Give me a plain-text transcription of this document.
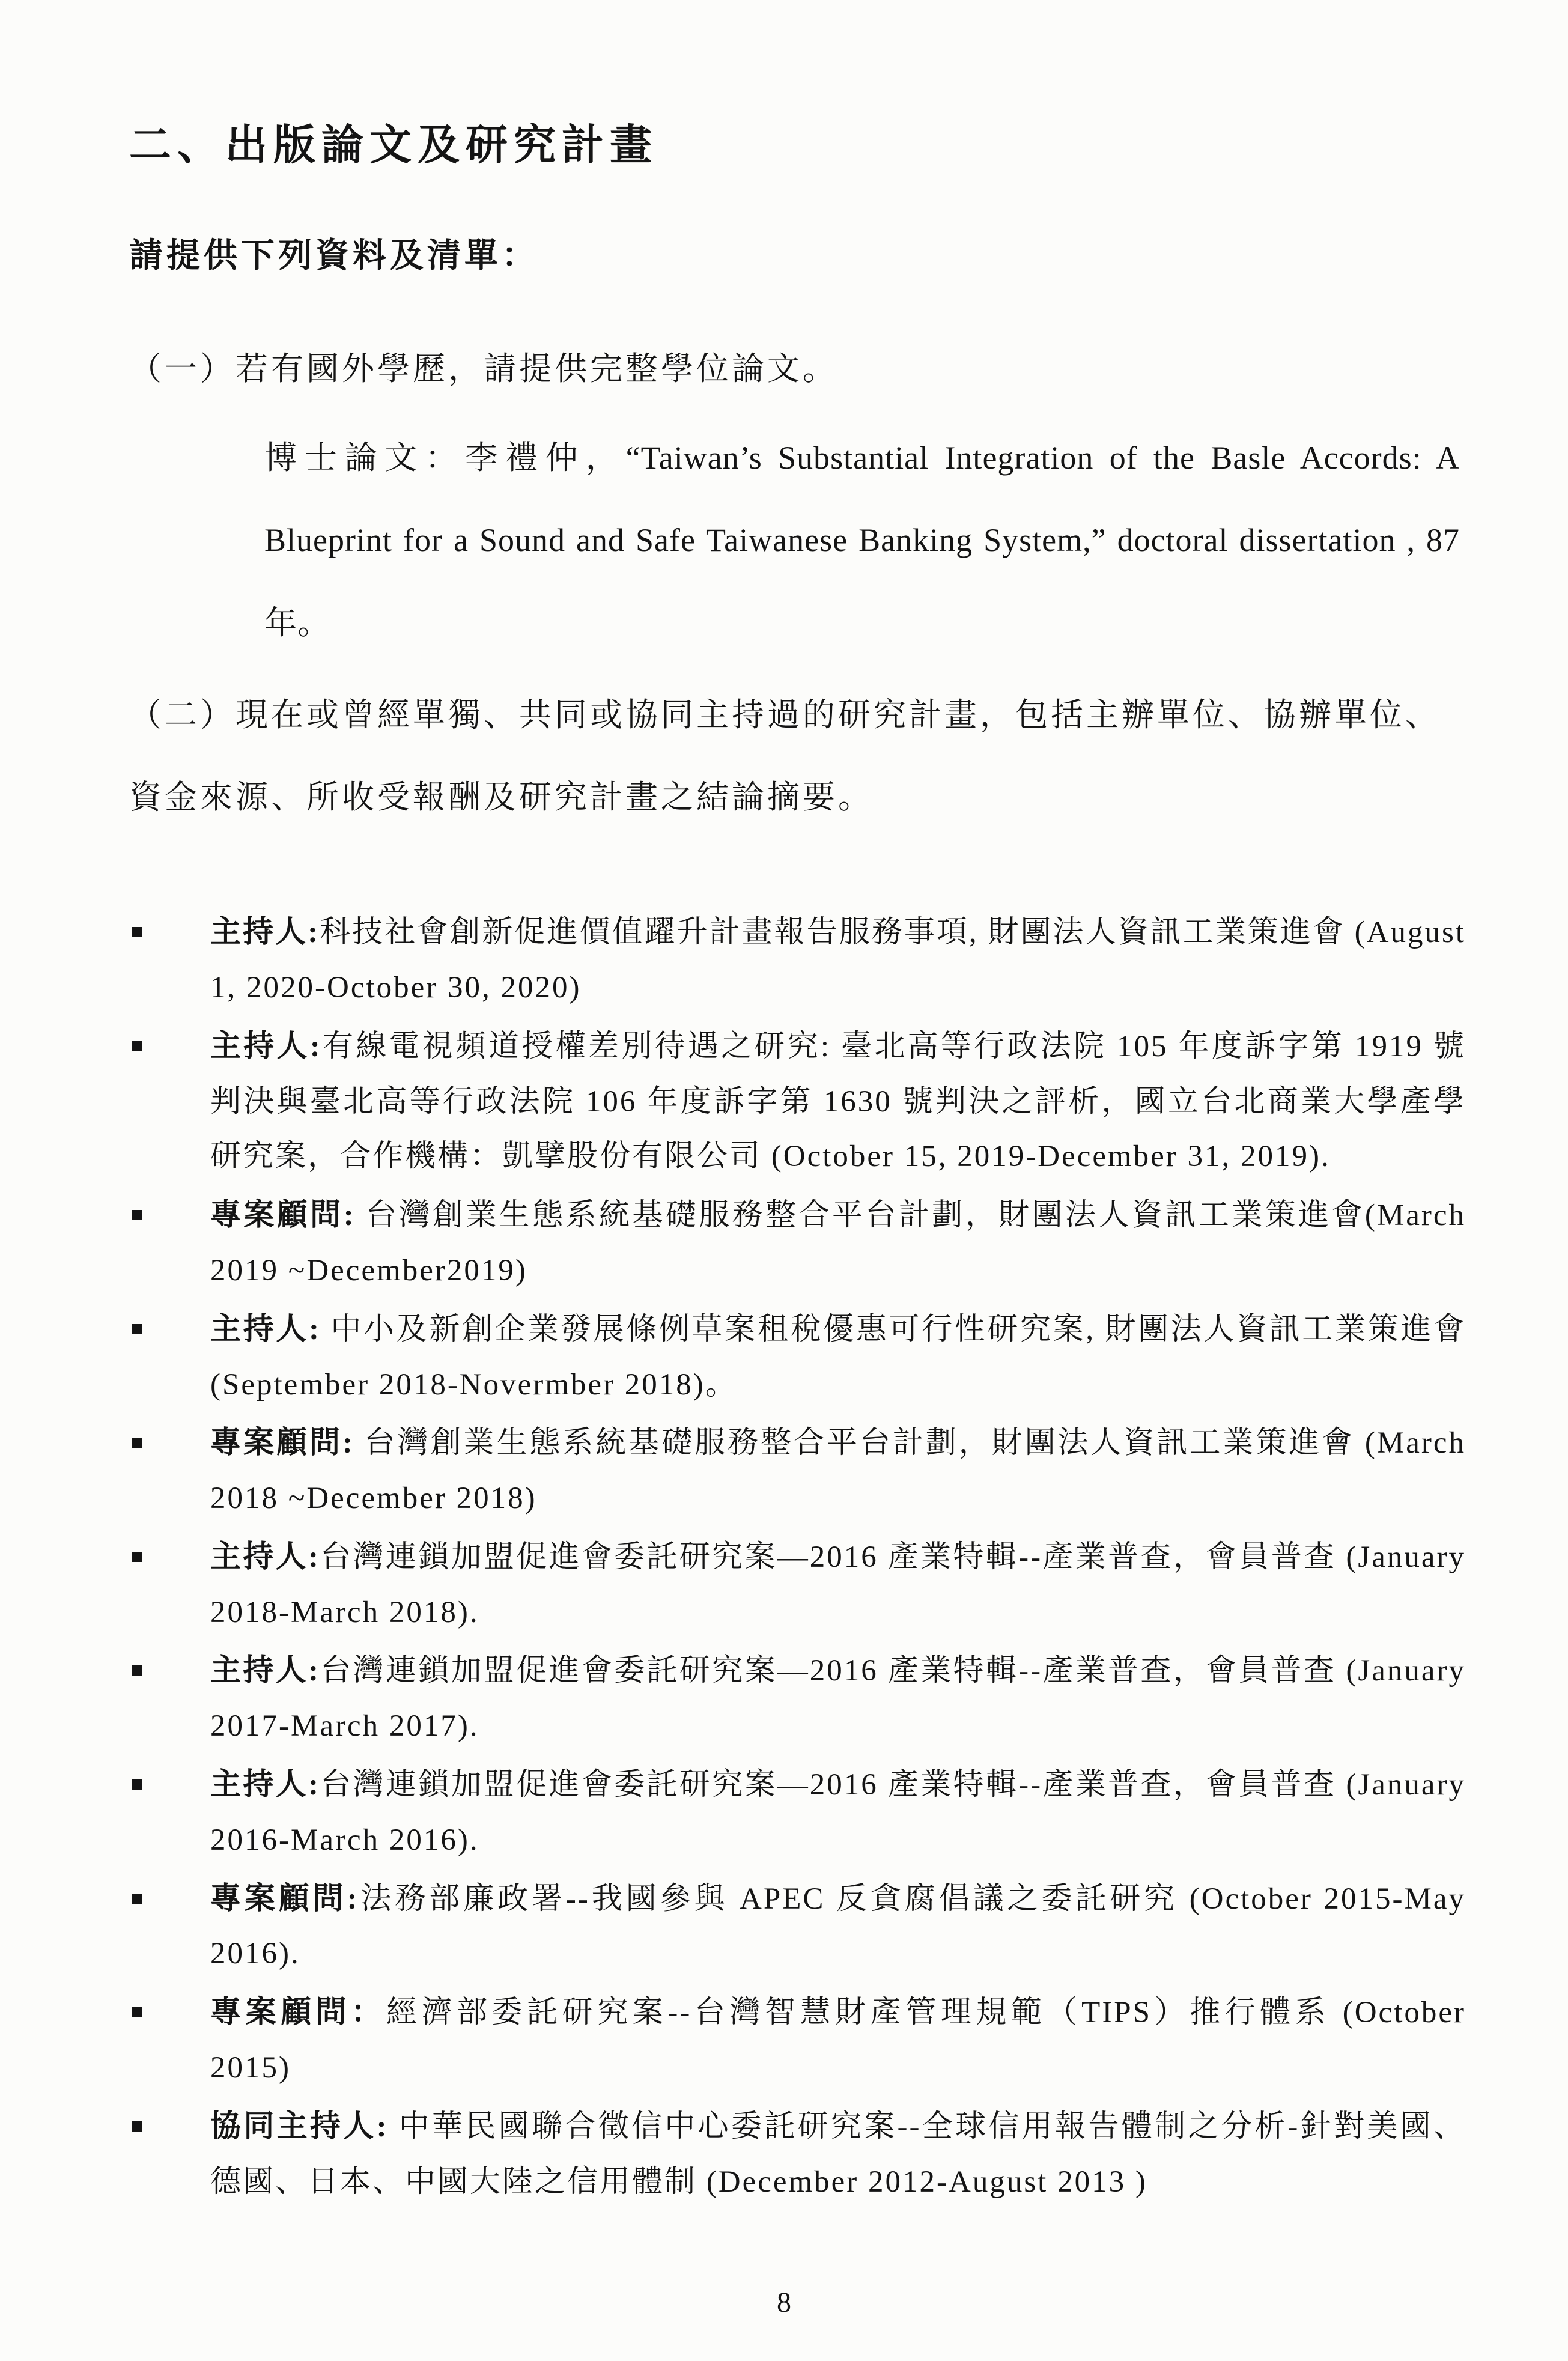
二、出版論文及研究計畫

請提供下列資料及清單：

（一）若有國外學歷，請提供完整學位論文。

博士論文：李禮仲，“Taiwan’s Substantial Integration of the Basle Accords: A Blueprint for a Sound and Safe Taiwanese Banking System,” doctoral dissertation , 87 年。

（二）現在或曾經單獨、共同或協同主持過的研究計畫，包括主辦單位、協辦單位、資金來源、所收受報酬及研究計畫之結論摘要。

主持人:科技社會創新促進價值躍升計畫報告服務事項, 財團法人資訊工業策進會 (August 1, 2020-October 30, 2020)
主持人:有線電視頻道授權差別待遇之研究: 臺北高等行政法院 105 年度訴字第 1919 號判決與臺北高等行政法院 106 年度訴字第 1630 號判決之評析，國立台北商業大學產學研究案，合作機構：凱擘股份有限公司 (October 15, 2019-December 31, 2019).
專案顧問: 台灣創業生態系統基礎服務整合平台計劃，財團法人資訊工業策進會(March 2019 ~December2019)
主持人: 中小及新創企業發展條例草案租稅優惠可行性研究案, 財團法人資訊工業策進會 (September 2018-Novermber 2018)。
專案顧問: 台灣創業生態系統基礎服務整合平台計劃，財團法人資訊工業策進會 (March 2018 ~December 2018)
主持人:台灣連鎖加盟促進會委託研究案—2016 產業特輯--產業普查，會員普查 (January 2018-March 2018).
主持人:台灣連鎖加盟促進會委託研究案—2016 產業特輯--產業普查，會員普查 (January 2017-March 2017).
主持人:台灣連鎖加盟促進會委託研究案—2016 產業特輯--產業普查，會員普查 (January 2016-March 2016).
專案顧問:法務部廉政署--我國參與 APEC 反貪腐倡議之委託研究 (October 2015-May 2016).
專案顧問：經濟部委託研究案--台灣智慧財產管理規範（TIPS）推行體系 (October 2015)
協同主持人: 中華民國聯合徵信中心委託研究案--全球信用報告體制之分析-針對美國、德國、日本、中國大陸之信用體制 (December 2012-August 2013 )
8
